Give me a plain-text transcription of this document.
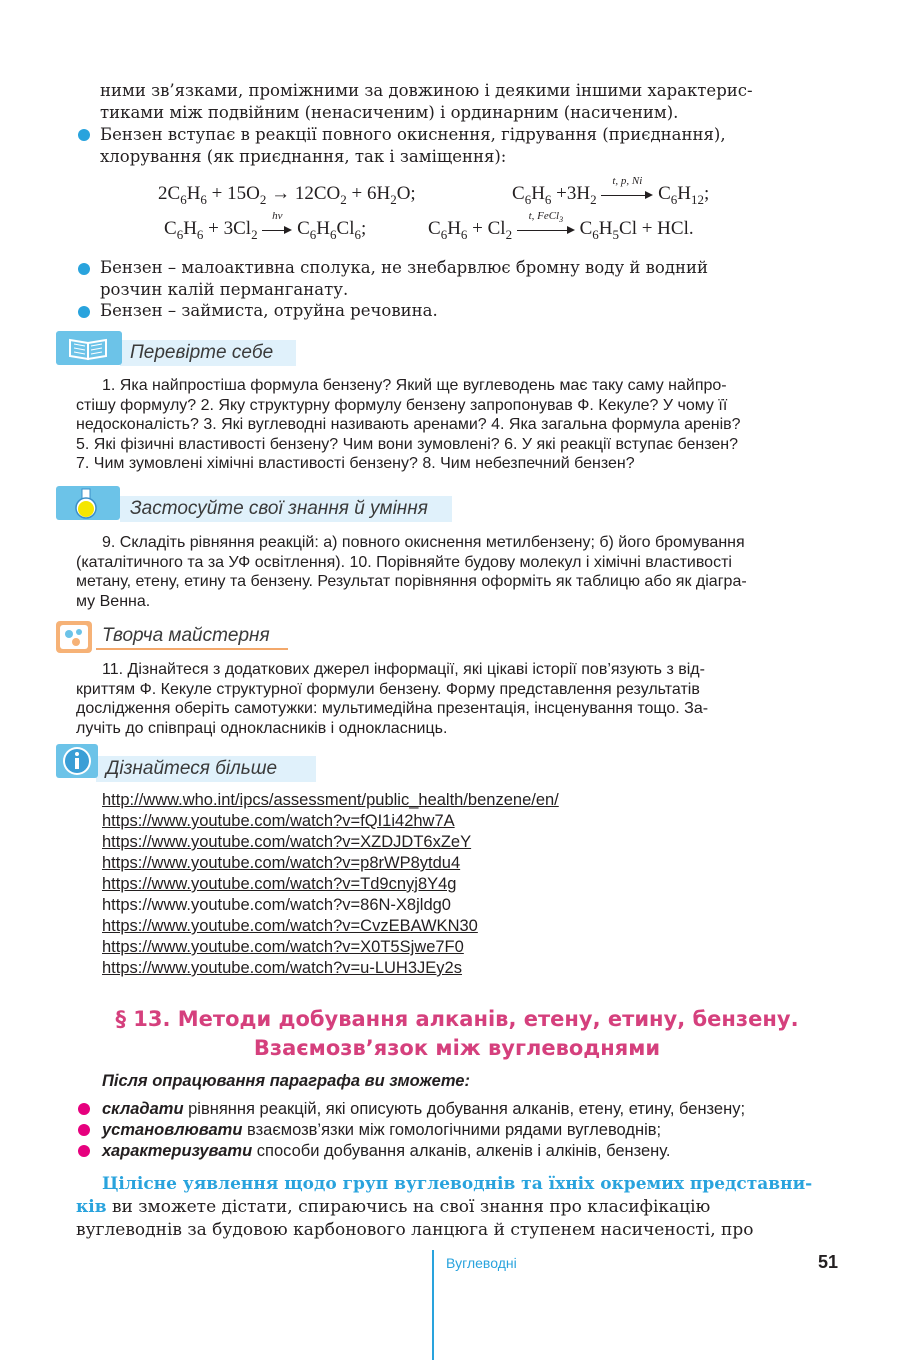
ними зв’язками, проміжними за довжиною і деякими іншими характерис-
тиками між подвійним (ненасиченим) і ординарним (насиченим).
Бензен вступає в реакції повного окиснення, гідрування (приєднання),
хлорування (як приєднання, так і заміщення):
$2C_6H_6 + 15O_2 \to 12CO_2 + 6H_2O$;	$C_6H_6 +3H_2$
t, p, Ni
$C_6H_{12}$;
$C_6H_6 + 3Cl_2$
hν
$C_6H_6Cl_6$;	$C_6H_6 + Cl_2$
t, FeCl$_3$ $C_6H_5Cl$ + HCl.
Бензен – малоактивна сполука, не знебарвлює бромну воду й водний
розчин калій перманганату.
Бензен – займиста, отруйна речовина.
Перевірте себе
1. Яка найпростіша формула бензену? Який ще вуглеводень має таку саму найпро-
стішу формулу? 2. Яку структурну формулу бензену запропонував Ф. Кекуле? У чому її
недосконалість? 3. Які вуглеводні називають аренами? 4. Яка загальна формула аренів?
5. Які фізичні властивості бензену? Чим вони зумовлені? 6. У які реакції вступає бензен?
7. Чим зумовлені хімічні властивості бензену? 8. Чим небезпечний бензен?
Застосуйте свої знання й уміння
9. Складіть рівняння реакцій: а) повного окиснення метилбензену; б) його бромування
(каталітичного та за УФ освітлення). 10. Порівняйте будову молекул і хімічні властивості
метану, етену, етину та бензену. Результат порівняння оформіть як таблицю або як діагра-
му Венна.
Творча майстерня
11. Дізнайтеся з додаткових джерел інформації, які цікаві історії пов’язують з від-
криттям Ф. Кекуле структурної формули бензену. Форму представлення результатів
дослідження оберіть самотужки: мультимедійна презентація, інсценування тощо. За-
лучіть до співпраці однокласників і однокласниць.
Дізнайтеся більше
http://www.who.int/ipcs/assessment/public_health/benzene/en/
https://www.youtube.com/watch?v=fQI1i42hw7A
https://www.youtube.com/watch?v=XZDJDT6xZeY
https://www.youtube.com/watch?v=p8rWP8ytdu4
https://www.youtube.com/watch?v=Td9cnyj8Y4g
https://www.youtube.com/watch?v=86N-X8jldg0
https://www.youtube.com/watch?v=CvzEBAWKN30
https://www.youtube.com/watch?v=X0T5Sjwe7F0
https://www.youtube.com/watch?v=u-LUH3JEy2s
§ 13. Методи добування алканів, етену, етину, бензену.
Взаємозв’язок між вуглеводнями
Після опрацювання параграфа ви зможете:
складати рівняння реакцій, які описують добування алканів, етену, етину, бензену;
установлювати взаємозв’язки між гомологічними рядами вуглеводнів;
характеризувати способи добування алканів, алкенів і алкінів, бензену.
Цілісне уявлення щодо груп вуглеводнів та їхніх окремих представни-
ків ви зможете дістати, спираючись на свої знання про класифікацію
вуглеводнів за будовою карбонового ланцюга й ступенем насиченості, про
Вуглеводні	51
